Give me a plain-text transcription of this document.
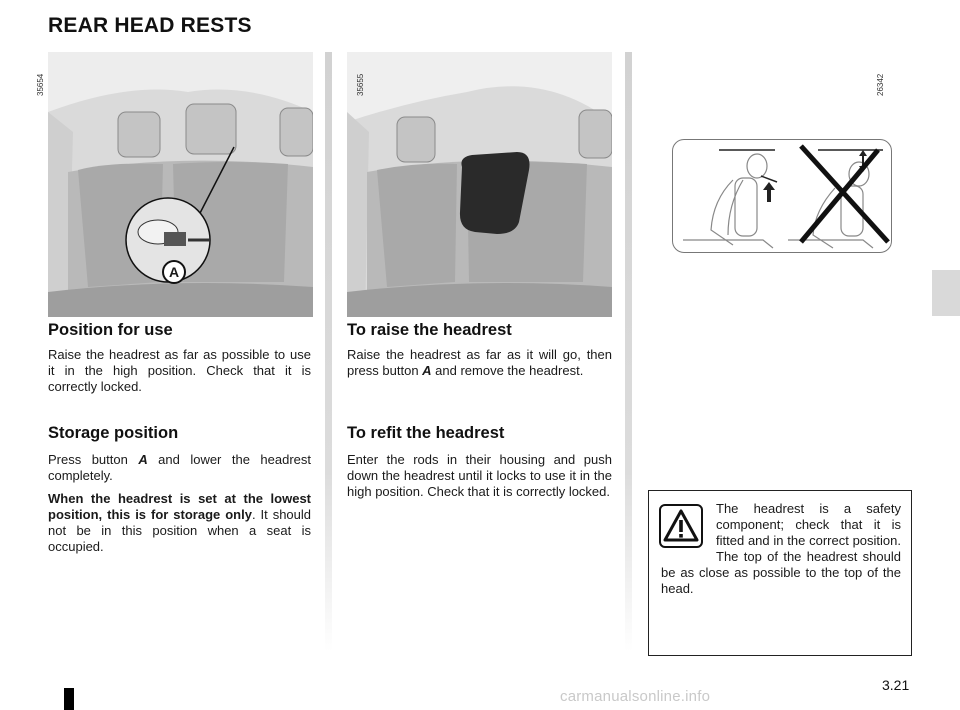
REAR HEAD RESTS
A
35654	35655	26342
Position for use

Raise the headrest as far as possible to use it in the high position. Check that it is correctly locked.

Storage position

Press button A and lower the headrest completely.

When the headrest is set at the lowest position, this is for storage only. It should not be in this position when a seat is occupied.

To raise the headrest

Raise the headrest as far as it will go, then press button A and remove the headrest.

To refit the headrest

Enter the rods in their housing and push down the headrest until it locks to use it in the high position. Check that it is correctly locked.

The headrest is a safety component; check that it is fitted and in the correct position. The top of the headrest should be as close as possible to the top of the head.

3.21
carmanualsonline.info
